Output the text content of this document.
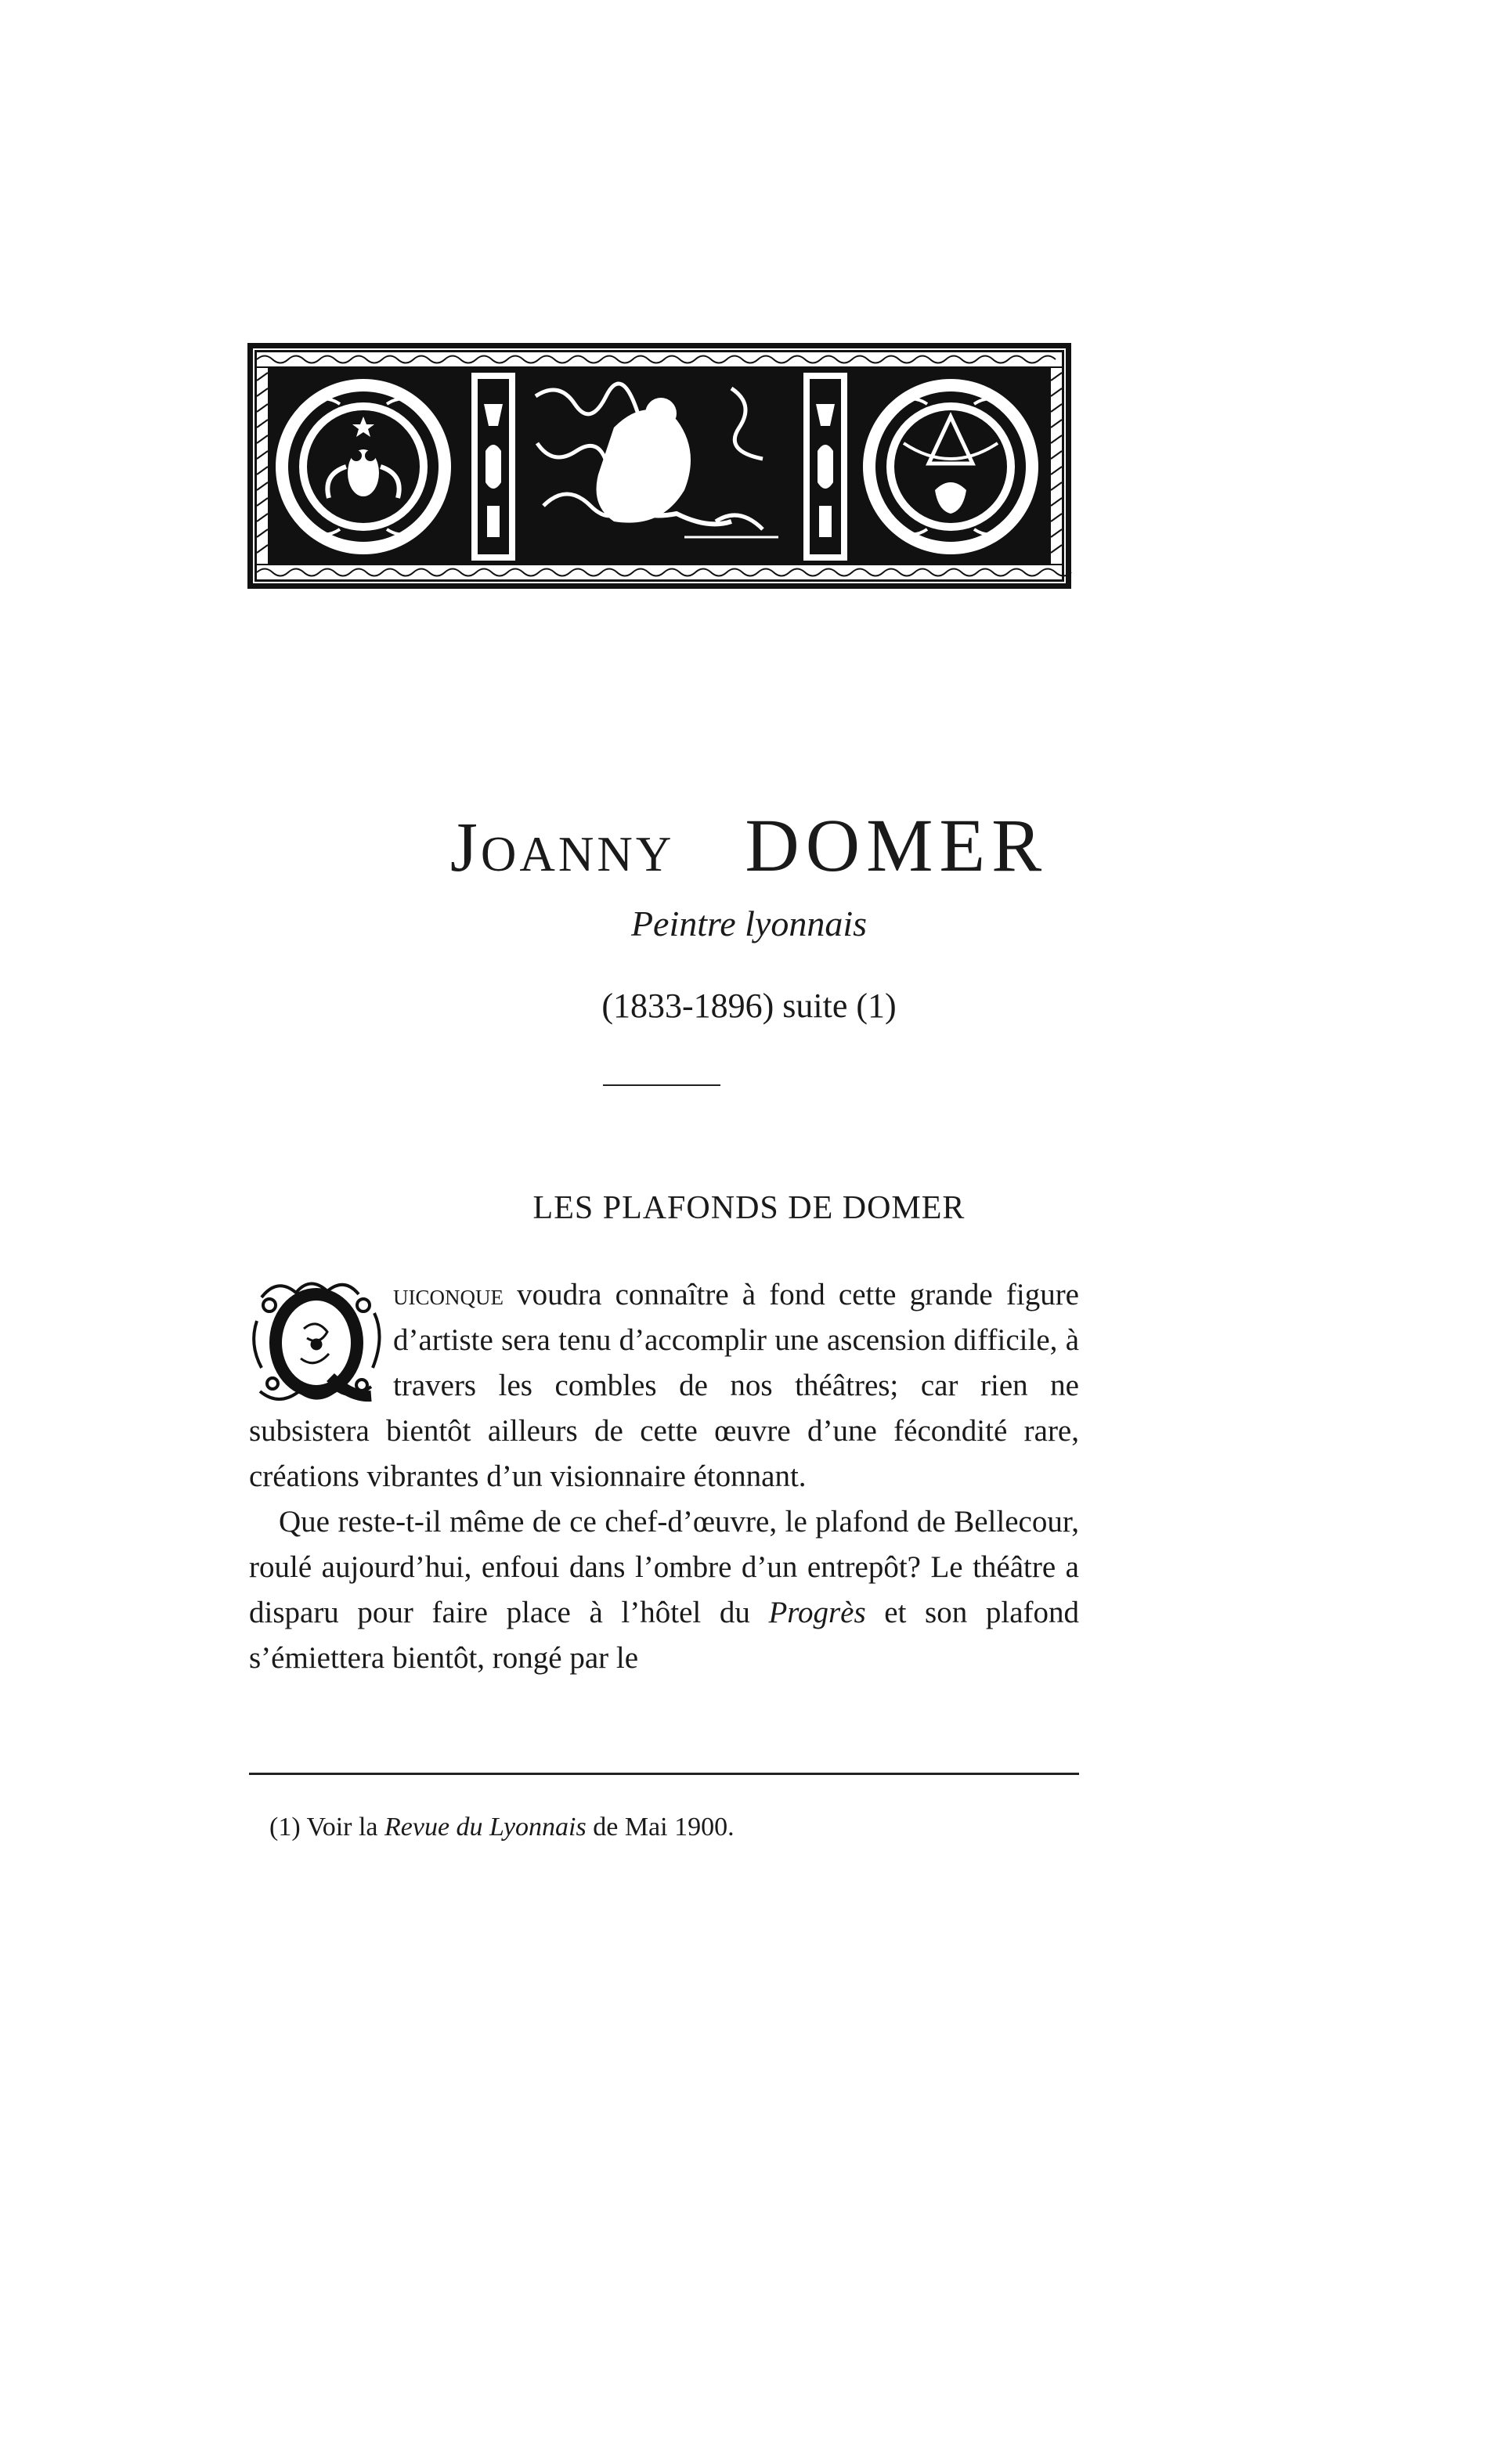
Joanny DOMER
Peintre lyonnais
(1833-1896) suite (1)
LES PLAFONDS DE DOMER

uiconque voudra connaître à fond cette grande figure d’artiste sera tenu d’accomplir une ascension difficile, à travers les combles de nos théâtres; car rien ne subsistera bientôt ailleurs de cette œuvre d’une fécondité rare, créations vibrantes d’un visionnaire étonnant.

Que reste-t-il même de ce chef-d’œuvre, le plafond de Bellecour, roulé aujourd’hui, enfoui dans l’ombre d’un entrepôt? Le théâtre a disparu pour faire place à l’hôtel du Progrès et son plafond s’émiettera bientôt, rongé par le

(1) Voir la Revue du Lyonnais de Mai 1900.
